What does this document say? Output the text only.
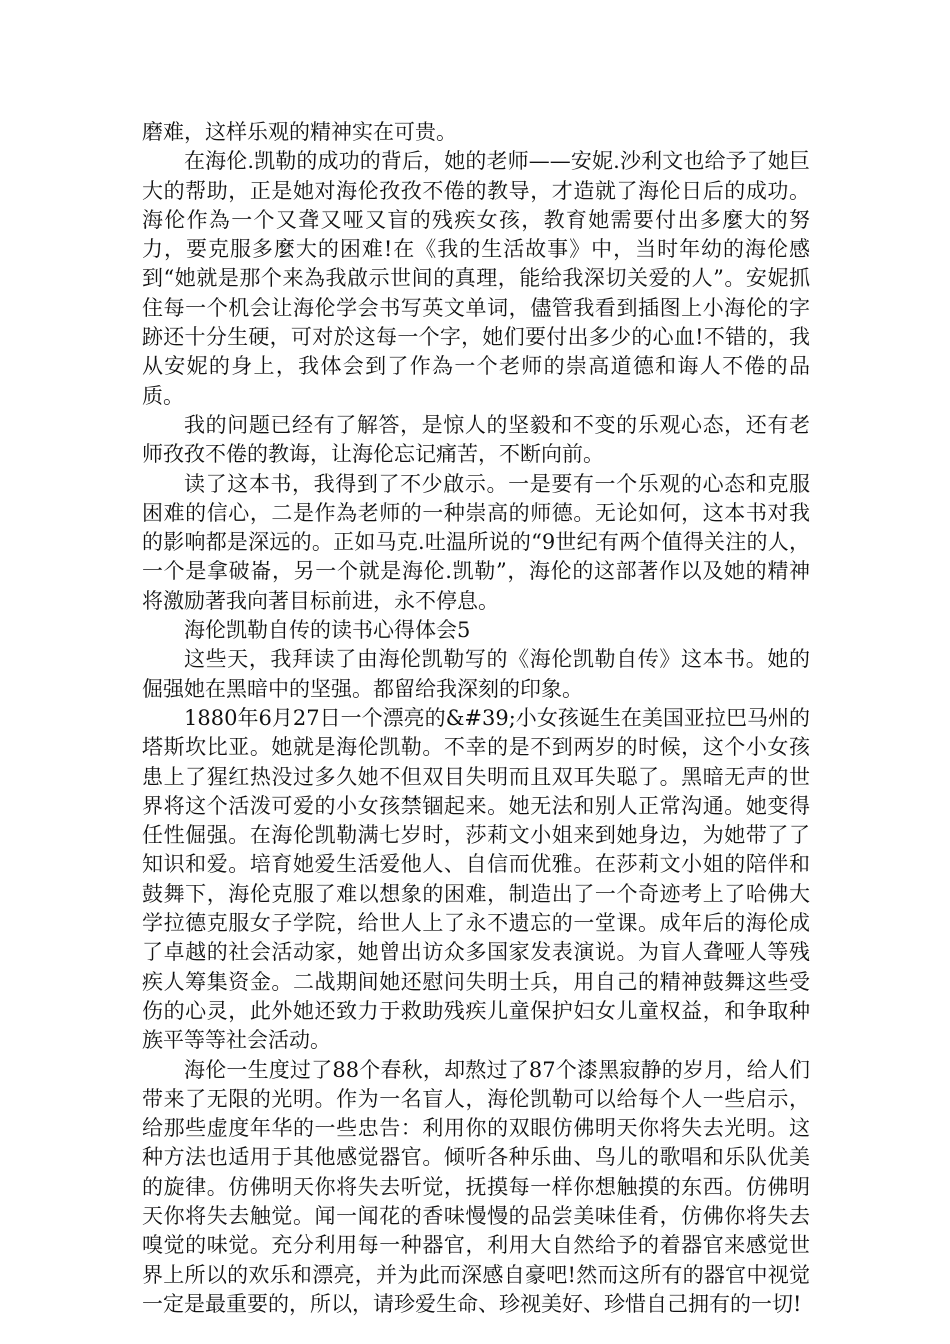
磨难，这样乐观的精神实在可贵。

在海伦.凯勒的成功的背后，她的老师——安妮.沙利文也给予了她巨大的帮助，正是她对海伦孜孜不倦的教导，才造就了海伦日后的成功。海伦作為一个又聋又哑又盲的残疾女孩，教育她需要付出多麼大的努力，要克服多麼大的困难!在《我的生活故事》中，当时年幼的海伦感到“她就是那个来為我啟示世间的真理，能给我深切关爱的人”。安妮抓住每一个机会让海伦学会书写英文单词，儘管我看到插图上小海伦的字跡还十分生硬，可对於这每一个字，她们要付出多少的心血!不错的，我从安妮的身上，我体会到了作為一个老师的崇高道德和诲人不倦的品质。

我的问题已经有了解答，是惊人的坚毅和不变的乐观心态，还有老师孜孜不倦的教诲，让海伦忘记痛苦，不断向前。

读了这本书，我得到了不少啟示。一是要有一个乐观的心态和克服困难的信心，二是作為老师的一种崇高的师德。无论如何，这本书对我的影响都是深远的。正如马克.吐温所说的“9世纪有两个值得关注的人，一个是拿破崙，另一个就是海伦.凯勒”，海伦的这部著作以及她的精神将激励著我向著目标前进，永不停息。

海伦凯勒自传的读书心得体会5

这些天，我拜读了由海伦凯勒写的《海伦凯勒自传》这本书。她的倔强她在黑暗中的坚强。都留给我深刻的印象。

1880年6月27日一个漂亮的&#39;小女孩诞生在美国亚拉巴马州的塔斯坎比亚。她就是海伦凯勒。不幸的是不到两岁的时候，这个小女孩患上了猩红热没过多久她不但双目失明而且双耳失聪了。黑暗无声的世界将这个活泼可爱的小女孩禁锢起来。她无法和别人正常沟通。她变得任性倔强。在海伦凯勒满七岁时，莎莉文小姐来到她身边，为她带了了知识和爱。培育她爱生活爱他人、自信而优雅。在莎莉文小姐的陪伴和鼓舞下，海伦克服了难以想象的困难，制造出了一个奇迹考上了哈佛大学拉德克服女子学院，给世人上了永不遗忘的一堂课。成年后的海伦成了卓越的社会活动家，她曾出访众多国家发表演说。为盲人聋哑人等残疾人筹集资金。二战期间她还慰问失明士兵，用自己的精神鼓舞这些受伤的心灵，此外她还致力于救助残疾儿童保护妇女儿童权益，和争取种族平等等社会活动。

海伦一生度过了88个春秋，却熬过了87个漆黑寂静的岁月，给人们带来了无限的光明。作为一名盲人，海伦凯勒可以给每个人一些启示，给那些虚度年华的一些忠告：利用你的双眼仿佛明天你将失去光明。这种方法也适用于其他感觉器官。倾听各种乐曲、鸟儿的歌唱和乐队优美的旋律。仿佛明天你将失去听觉，抚摸每一样你想触摸的东西。仿佛明天你将失去触觉。闻一闻花的香味慢慢的品尝美味佳肴，仿佛你将失去嗅觉的味觉。充分利用每一种器官，利用大自然给予的着器官来感觉世界上所以的欢乐和漂亮，并为此而深感自豪吧!然而这所有的器官中视觉一定是最重要的，所以，请珍爱生命、珍视美好、珍惜自己拥有的一切!
